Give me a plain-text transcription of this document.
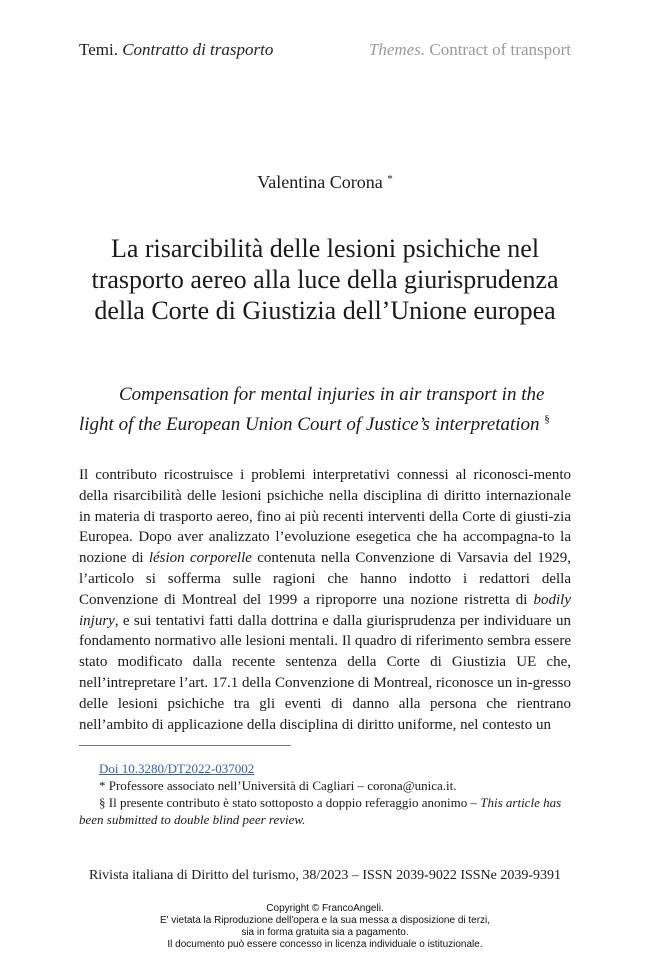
Temi. Contratto di trasporto	Themes. Contract of transport
Valentina Corona *
La risarcibilità delle lesioni psichiche nel trasporto aereo alla luce della giurisprudenza della Corte di Giustizia dell’Unione europea
Compensation for mental injuries in air transport in the
light of the European Union Court of Justice’s interpretation §
Il contributo ricostruisce i problemi interpretativi connessi al riconosci-mento della risarcibilità delle lesioni psichiche nella disciplina di diritto internazionale in materia di trasporto aereo, fino ai più recenti interventi della Corte di giusti-zia Europea. Dopo aver analizzato l’evoluzione esegetica che ha accompagna-to la nozione di lésion corporelle contenuta nella Convenzione di Varsavia del 1929, l’articolo si sofferma sulle ragioni che hanno indotto i redattori della Convenzione di Montreal del 1999 a riproporre una nozione ristretta di bodily injury, e sui tentativi fatti dalla dottrina e dalla giurisprudenza per individuare un fondamento normativo alle lesioni mentali. Il quadro di riferimento sembra essere stato modificato dalla recente sentenza della Corte di Giustizia UE che, nell’intrepretare l’art. 17.1 della Convenzione di Montreal, riconosce un in-gresso delle lesioni psichiche tra gli eventi di danno alla persona che rientrano nell’ambito di applicazione della disciplina di diritto uniforme, nel contesto un
Doi 10.3280/DT2022-037002
* Professore associato nell’Università di Cagliari – corona@unica.it.
§ Il presente contributo è stato sottoposto a doppio referaggio anonimo – This article has been submitted to double blind peer review.
Rivista italiana di Diritto del turismo, 38/2023 – ISSN 2039-9022 ISSNe 2039-9391
Copyright © FrancoAngeli.
E' vietata la Riproduzione dell'opera e la sua messa a disposizione di terzi,
sia in forma gratuita sia a pagamento.
Il documento può essere concesso in licenza individuale o istituzionale.
